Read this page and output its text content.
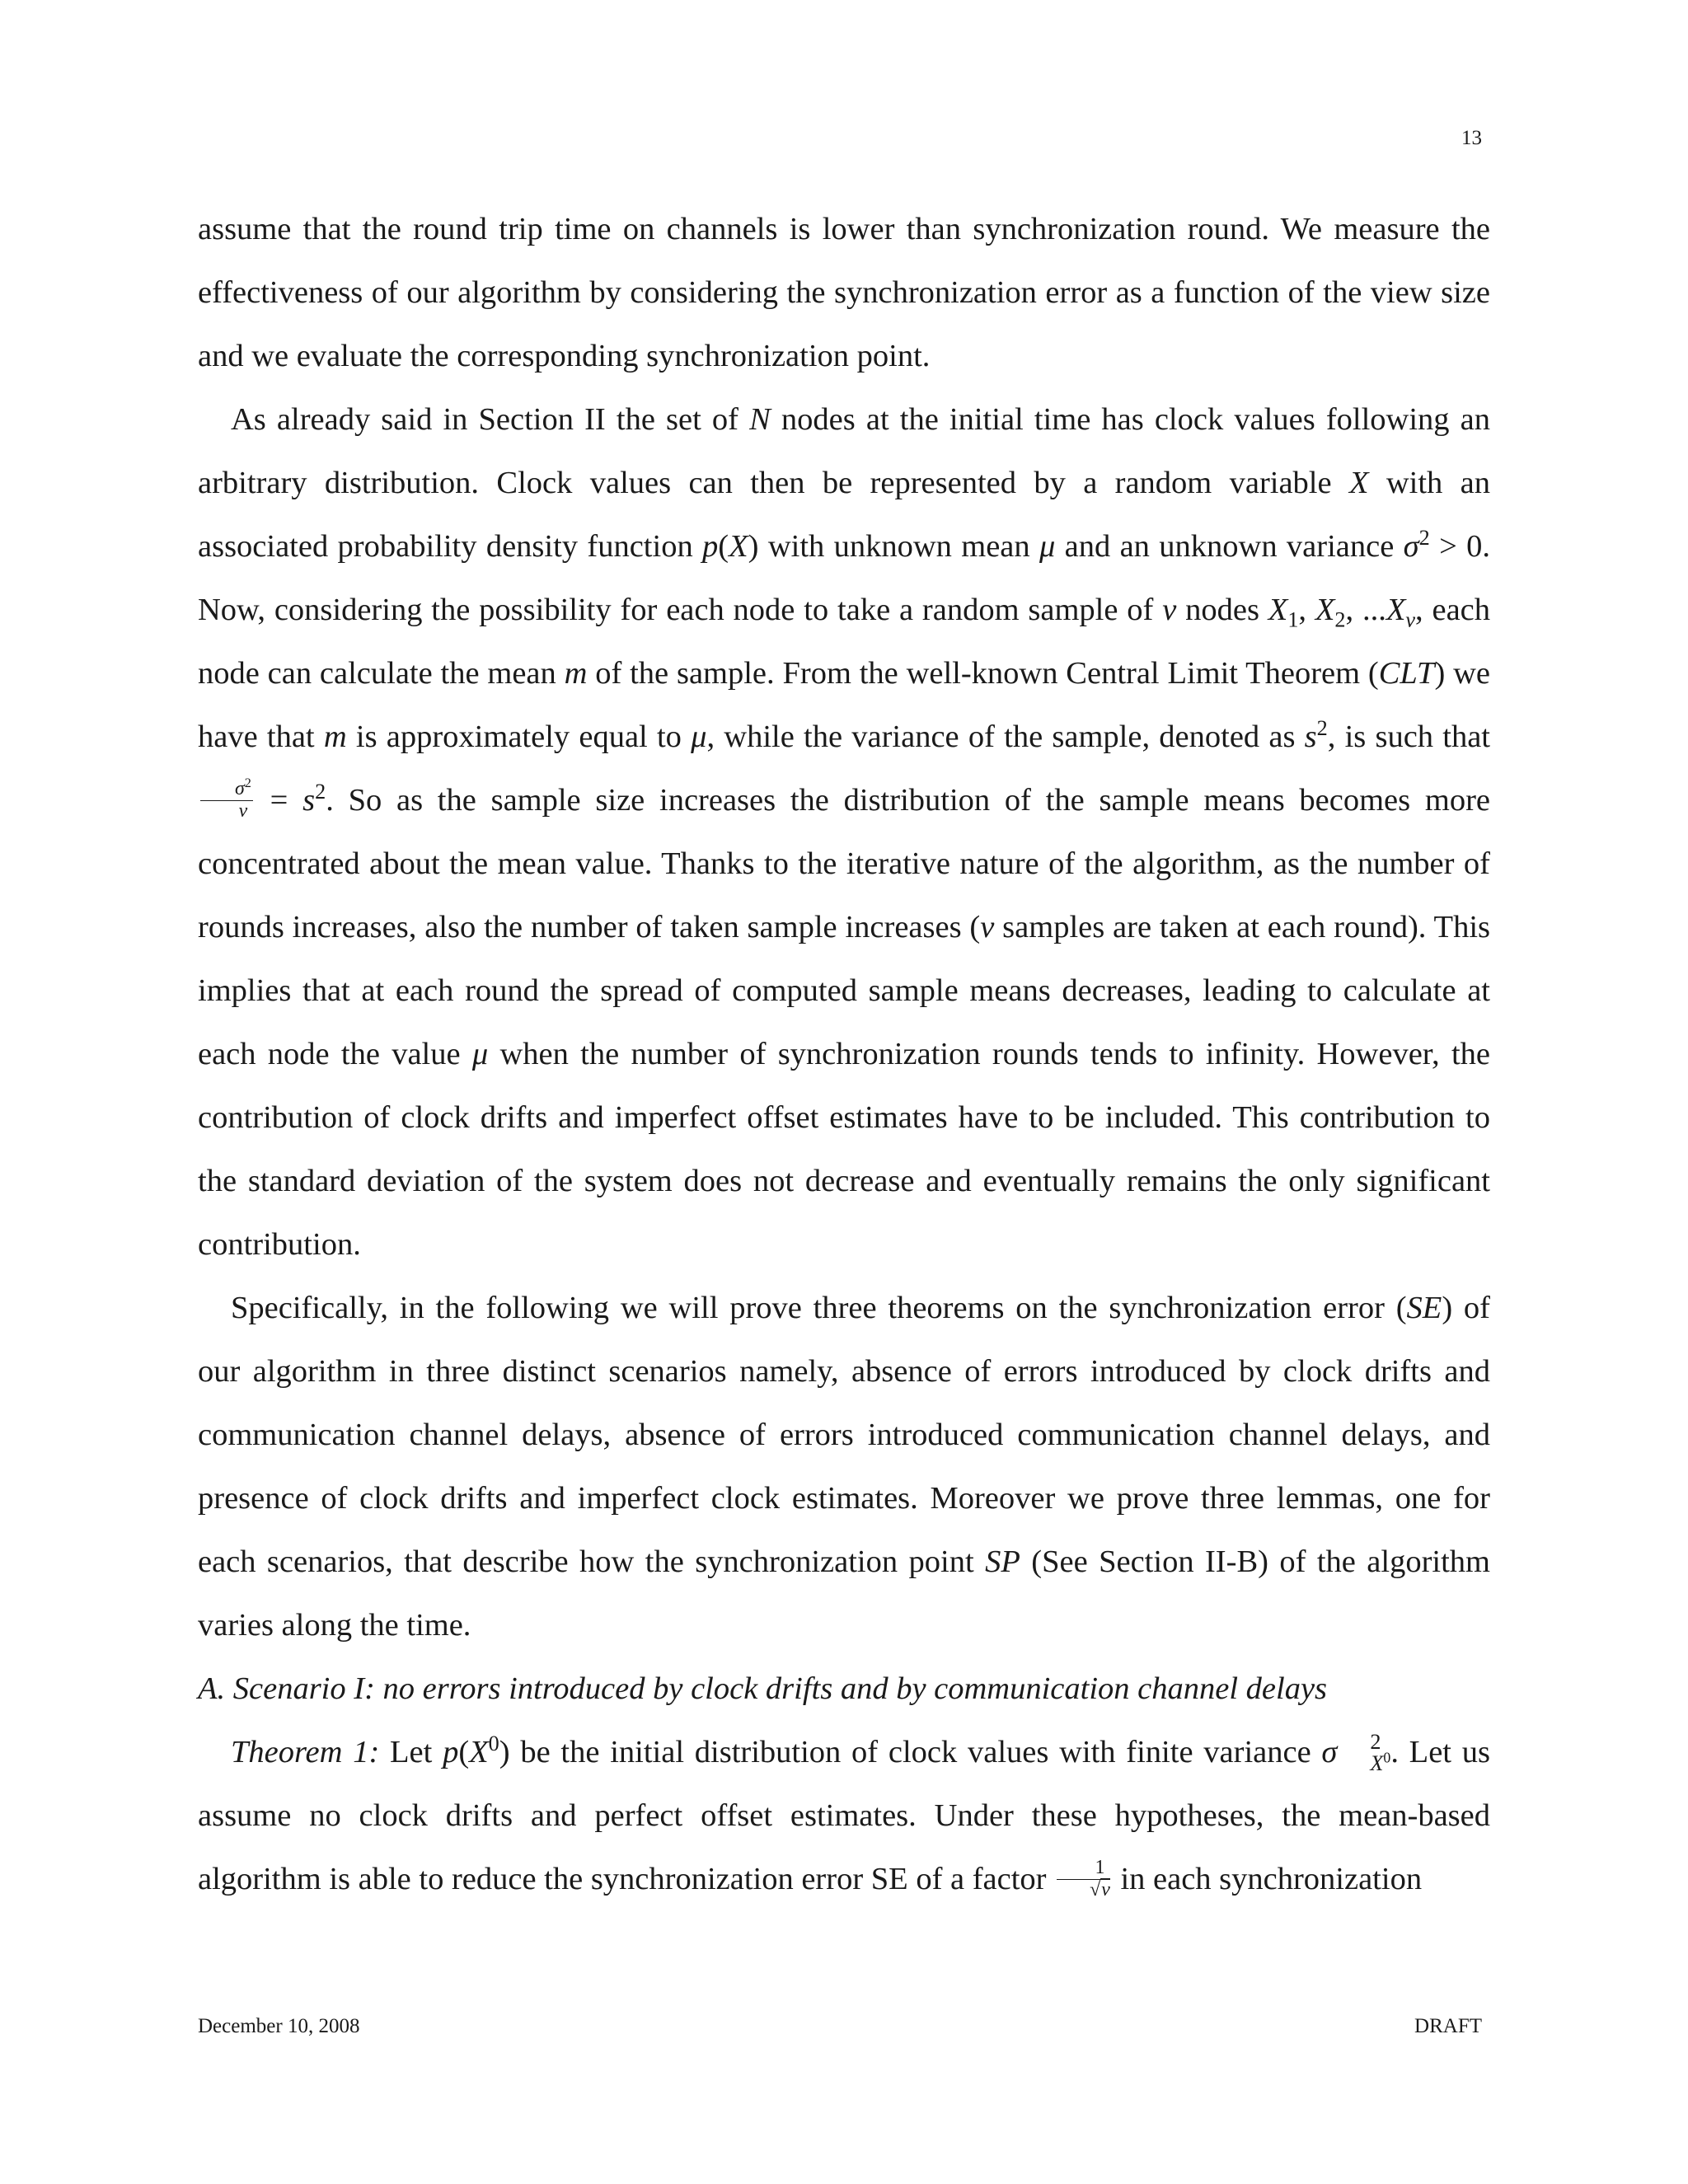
13

assume that the round trip time on channels is lower than synchronization round. We measure the effectiveness of our algorithm by considering the synchronization error as a function of the view size and we evaluate the corresponding synchronization point.

As already said in Section II the set of N nodes at the initial time has clock values following an arbitrary distribution. Clock values can then be represented by a random variable X with an associated probability density function p(X) with unknown mean μ and an unknown variance $\sigma^2 > 0$. Now, considering the possibility for each node to take a random sample of v nodes $X_1$, $X_2$, $...X_v$, each node can calculate the mean m of the sample. From the well-known Central Limit Theorem (CLT) we have that m is approximately equal to μ, while the variance of the sample, denoted as $s^2$, is such that
$\frac{\sigma^2}{v} = s^2$. So as the sample size increases the distribution of the sample means becomes more concentrated about the mean value. Thanks to the iterative nature of the algorithm, as the number of rounds increases, also the number of taken sample increases (v samples are taken at each round). This implies that at each round the spread of computed sample means decreases, leading to calculate at each node the value μ when the number of synchronization rounds tends to infinity. However, the contribution of clock drifts and imperfect offset estimates have to be included. This contribution to the standard deviation of the system does not decrease and eventually remains the only significant contribution.

Specifically, in the following we will prove three theorems on the synchronization error (SE) of our algorithm in three distinct scenarios namely, absence of errors introduced by clock drifts and communication channel delays, absence of errors introduced communication channel delays, and presence of clock drifts and imperfect clock estimates. Moreover we prove three lemmas, one for each scenarios, that describe how the synchronization point SP (See Section II-B) of the algorithm varies along the time.

A. Scenario I: no errors introduced by clock drifts and by communication channel delays

Theorem 1: Let $p(X^0)$ be the initial distribution of clock values with finite variance σ	2
$X^0$ . Let us assume no clock drifts and perfect offset estimates. Under these hypotheses, the mean-based algorithm is able to reduce the synchronization error SE of a factor $\frac{1}{√v}$ in each synchronization

December 10, 2008	DRAFT
